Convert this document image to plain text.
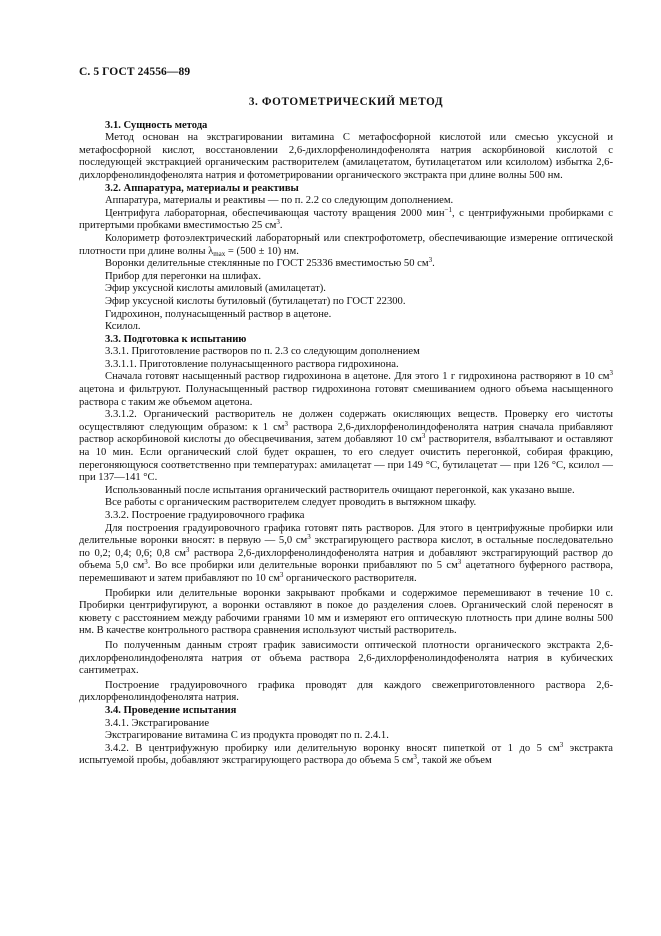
С. 5 ГОСТ 24556—89
3. ФОТОМЕТРИЧЕСКИЙ МЕТОД

3.1. Сущность метода

Метод основан на экстрагировании витамина С метафосфорной кислотой или смесью уксусной и метафосфорной кислот, восстановлении 2,6-дихлорфенолиндофенолята натрия аскорбиновой кислотой с последующей экстракцией органическим растворителем (амилацетатом, бутилацетатом или ксилолом) избытка 2,6-дихлорфенолиндофенолята натрия и фотометрировании органического экстракта при длине волны 500 нм.

3.2. Аппаратура, материалы и реактивы

Аппаратура, материалы и реактивы — по п. 2.2 со следующим дополнением.

Центрифуга лабораторная, обеспечивающая частоту вращения 2000 мин$^{-1}$, с центрифужными пробирками с притертыми пробками вместимостью 25 $см^3$.

Колориметр фотоэлектрический лабораторный или спектрофотометр, обеспечивающие измерение оптической плотности при длине волны $\lambda_{max} = (500 \pm 10)$ нм.

Воронки делительные стеклянные по ГОСТ 25336 вместимостью 50 $см^3$.

Прибор для перегонки на шлифах.

Эфир уксусной кислоты амиловый (амилацетат).

Эфир уксусной кислоты бутиловый (бутилацетат) по ГОСТ 22300.

Гидрохинон, полунасыщенный раствор в ацетоне.

Ксилол.

3.3. Подготовка к испытанию

3.3.1. Приготовление растворов по п. 2.3 со следующим дополнением

3.3.1.1. Приготовление полунасыщенного раствора гидрохинона.

Сначала готовят насыщенный раствор гидрохинона в ацетоне. Для этого 1 г гидрохинона растворяют в 10 $см^3$ ацетона и фильтруют. Полунасыщенный раствор гидрохинона готовят смешиванием одного объема насыщенного раствора с таким же объемом ацетона.

3.3.1.2. Органический растворитель не должен содержать окисляющих веществ. Проверку его чистоты осуществляют следующим образом: к 1 $см^3$ раствора 2,6-дихлорфенолиндофенолята натрия сначала прибавляют раствор аскорбиновой кислоты до обесцвечивания, затем добавляют 10 $см^3$ растворителя, взбалтывают и оставляют на 10 мин. Если органический слой будет окрашен, то его следует очистить перегонкой, собирая фракцию, перегоняющуюся соответственно при температурах: амилацетат — при 149 °С, бутилацетат — при 126 °С, ксилол — при 137—141 °С.

Использованный после испытания органический растворитель очищают перегонкой, как указано выше.

Все работы с органическим растворителем следует проводить в вытяжном шкафу.

3.3.2. Построение градуировочного графика

Для построения градуировочного графика готовят пять растворов. Для этого в центрифужные пробирки или делительные воронки вносят: в первую — 5,0 $см^3$ экстрагирующего раствора кислот, в остальные последовательно по 0,2; 0,4; 0,6; 0,8 $см^3$ раствора 2,6-дихлорфенолиндофенолята натрия и добавляют экстрагирующий раствор до объема 5,0 $см^3$. Во все пробирки или делительные воронки прибавляют по 5 $см^3$ ацетатного буферного раствора, перемешивают и затем прибавляют по 10 $см^3$ органического растворителя.

Пробирки или делительные воронки закрывают пробками и содержимое перемешивают в течение 10 с. Пробирки центрифугируют, а воронки оставляют в покое до разделения слоев. Органический слой переносят в кювету с расстоянием между рабочими гранями 10 мм и измеряют его оптическую плотность при длине волны 500 нм. В качестве контрольного раствора сравнения используют чистый растворитель.

По полученным данным строят график зависимости оптической плотности органического экстракта 2,6-дихлорфенолиндофенолята натрия от объема раствора 2,6-дихлорфенолиндофенолята натрия в кубических сантиметрах.

Построение градуировочного графика проводят для каждого свежеприготовленного раствора 2,6-дихлорфенолиндофенолята натрия.

3.4. Проведение испытания

3.4.1. Экстрагирование

Экстрагирование витамина С из продукта проводят по п. 2.4.1.

3.4.2. В центрифужную пробирку или делительную воронку вносят пипеткой от 1 до 5 $см^3$ экстракта испытуемой пробы, добавляют экстрагирующего раствора до объема 5 $см^3$, такой же объем
